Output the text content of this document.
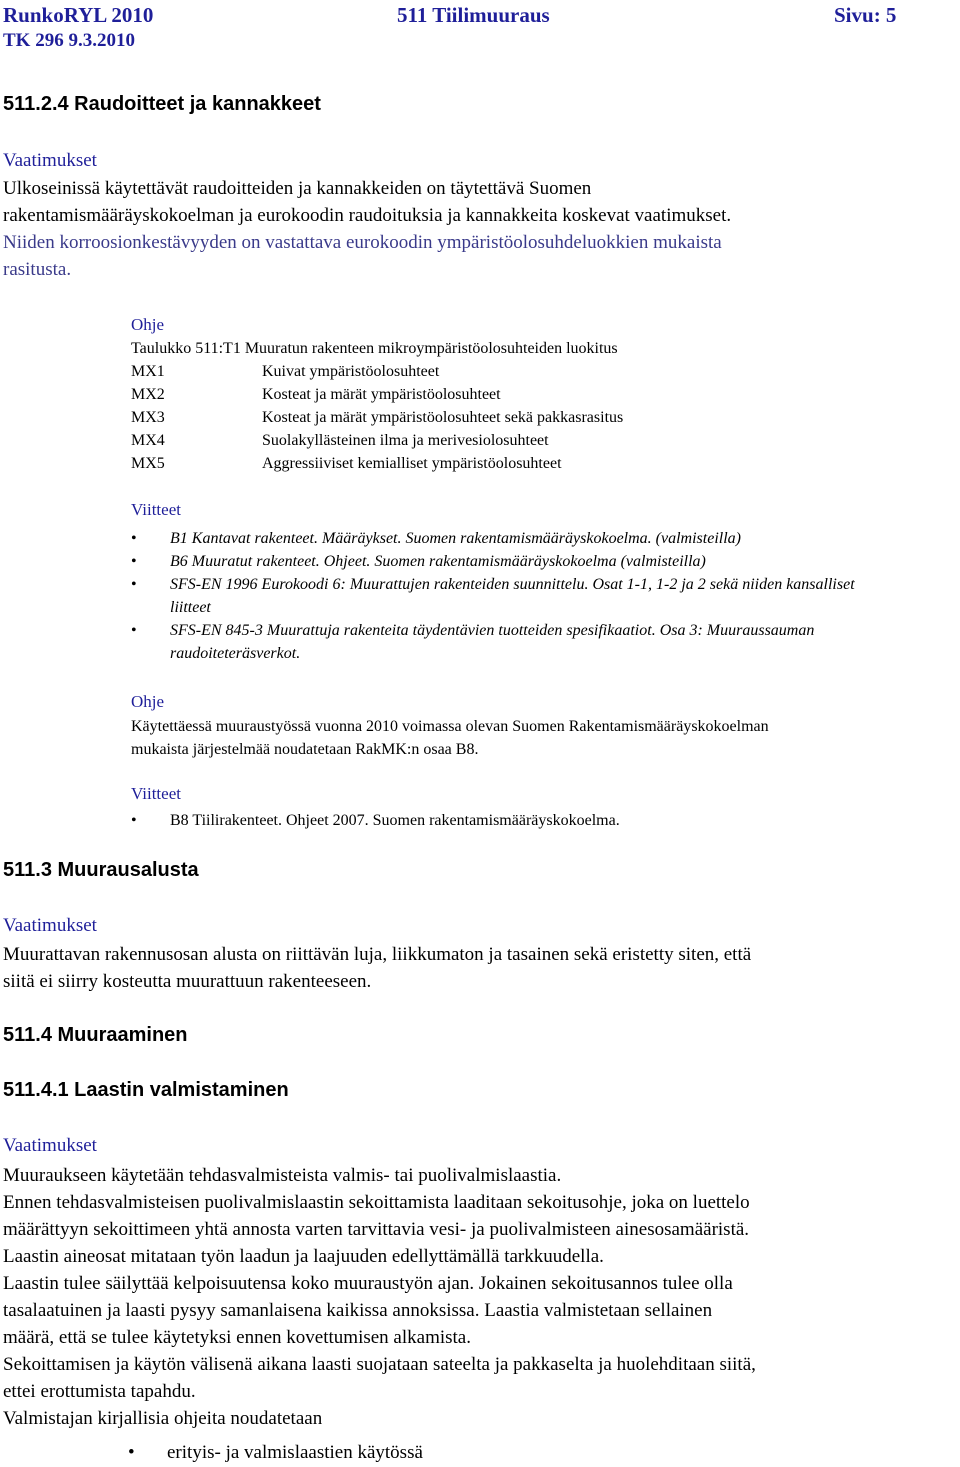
RunkoRYL 2010
TK 296 9.3.2010
511 Tiilimuuraus	Sivu: 5
511.2.4 Raudoitteet ja kannakkeet
Vaatimukset
Ulkoseinissä käytettävät raudoitteiden ja kannakkeiden on täytettävä Suomen
rakentamismääräyskokoelman ja eurokoodin raudoituksia ja kannakkeita koskevat vaatimukset.
Niiden korroosionkestävyyden on vastattava eurokoodin ympäristöolosuhdeluokkien mukaista
rasitusta.
Ohje
Taulukko 511:T1 Muuratun rakenteen mikroympäristöolosuhteiden luokitus
MX1	Kuivat ympäristöolosuhteet
MX2	Kosteat ja märät ympäristöolosuhteet
MX3	Kosteat ja märät ympäristöolosuhteet sekä pakkasrasitus
MX4	Suolakyllästeinen ilma ja merivesiolosuhteet
MX5	Aggressiiviset kemialliset ympäristöolosuhteet
Viitteet
• B1 Kantavat rakenteet. Määräykset. Suomen rakentamismääräyskokoelma. (valmisteilla)
• B6 Muuratut rakenteet. Ohjeet. Suomen rakentamismääräyskokoelma (valmisteilla)
• SFS-EN 1996 Eurokoodi 6: Muurattujen rakenteiden suunnittelu. Osat 1-1, 1-2 ja 2 sekä niiden kansalliset liitteet
• SFS-EN 845-3 Muurattuja rakenteita täydentävien tuotteiden spesifikaatiot. Osa 3: Muuraussauman raudoiteteräsverkot.
Ohje
Käytettäessä muuraustyössä vuonna 2010 voimassa olevan Suomen Rakentamismääräyskokoelman
mukaista järjestelmää noudatetaan RakMK:n osaa B8.
Viitteet
• B8 Tiilirakenteet. Ohjeet 2007. Suomen rakentamismääräyskokoelma.
511.3 Muurausalusta
Vaatimukset
Muurattavan rakennusosan alusta on riittävän luja, liikkumaton ja tasainen sekä eristetty siten, että
siitä ei siirry kosteutta muurattuun rakenteeseen.
511.4 Muuraaminen
511.4.1 Laastin valmistaminen
Vaatimukset
Muuraukseen käytetään tehdasvalmisteista valmis- tai puolivalmislaastia.
Ennen tehdasvalmisteisen puolivalmislaastin sekoittamista laaditaan sekoitusohje, joka on luettelo
määrättyyn sekoittimeen yhtä annosta varten tarvittavia vesi- ja puolivalmisteen ainesosamääristä.
Laastin aineosat mitataan työn laadun ja laajuuden edellyttämällä tarkkuudella.
Laastin tulee säilyttää kelpoisuutensa koko muuraustyön ajan. Jokainen sekoitusannos tulee olla
tasalaatuinen ja laasti pysyy samanlaisena kaikissa annoksissa. Laastia valmistetaan sellainen
määrä, että se tulee käytetyksi ennen kovettumisen alkamista.
Sekoittamisen ja käytön välisenä aikana laasti suojataan sateelta ja pakkaselta ja huolehditaan siitä,
ettei erottumista tapahdu.
Valmistajan kirjallisia ohjeita noudatetaan
• erityis- ja valmislaastien käytössä
